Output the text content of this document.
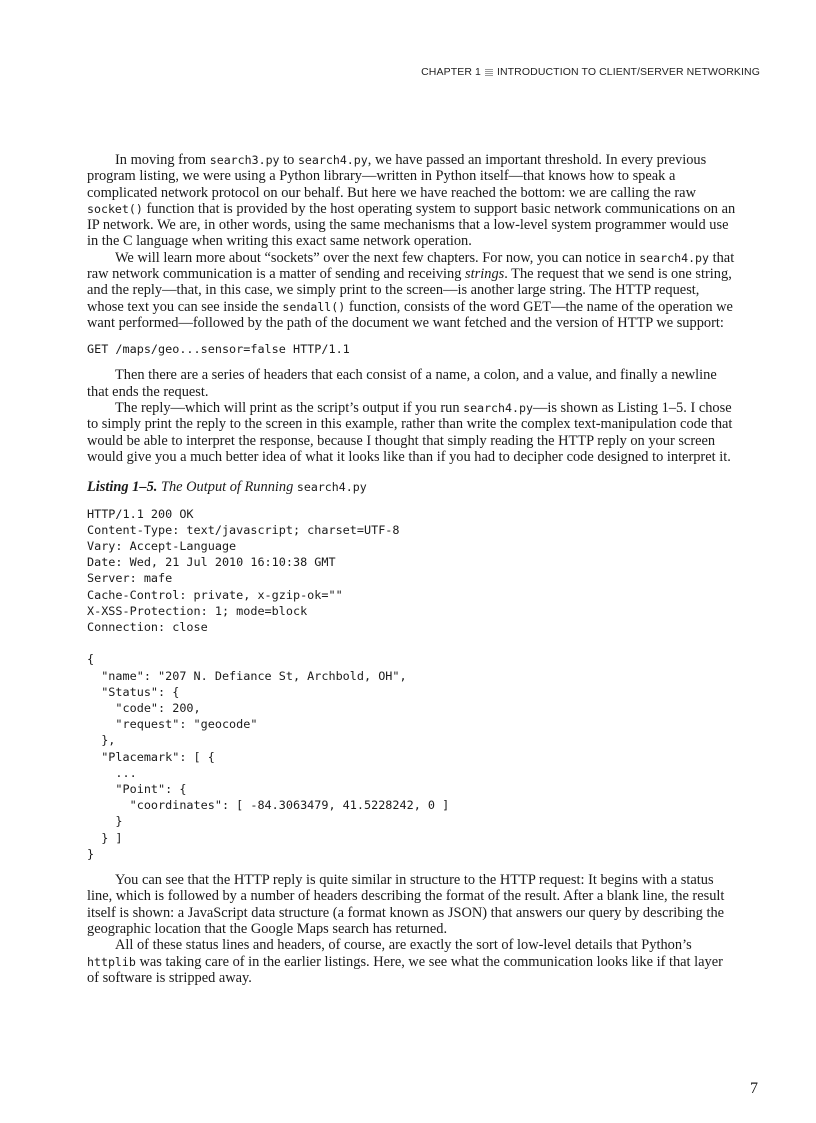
CHAPTER 1 INTRODUCTION TO CLIENT/SERVER NETWORKING

In moving from search3.py to search4.py, we have passed an important threshold. In every previous program listing, we were using a Python library—written in Python itself—that knows how to speak a complicated network protocol on our behalf. But here we have reached the bottom: we are calling the raw socket() function that is provided by the host operating system to support basic network communications on an IP network. We are, in other words, using the same mechanisms that a low-level system programmer would use in the C language when writing this exact same network operation.

We will learn more about “sockets” over the next few chapters. For now, you can notice in search4.py that raw network communication is a matter of sending and receiving strings. The request that we send is one string, and the reply—that, in this case, we simply print to the screen—is another large string. The HTTP request, whose text you can see inside the sendall() function, consists of the word GET—the name of the operation we want performed—followed by the path of the document we want fetched and the version of HTTP we support:

GET /maps/geo...sensor=false HTTP/1.1

Then there are a series of headers that each consist of a name, a colon, and a value, and finally a newline that ends the request.

The reply—which will print as the script’s output if you run search4.py—is shown as Listing 1–5. I chose to simply print the reply to the screen in this example, rather than write the complex text-manipulation code that would be able to interpret the response, because I thought that simply reading the HTTP reply on your screen would give you a much better idea of what it looks like than if you had to decipher code designed to interpret it.

Listing 1–5. The Output of Running search4.py
HTTP/1.1 200 OK
Content-Type: text/javascript; charset=UTF-8
Vary: Accept-Language
Date: Wed, 21 Jul 2010 16:10:38 GMT
Server: mafe
Cache-Control: private, x-gzip-ok=""
X-XSS-Protection: 1; mode=block
Connection: close

{
"name": "207 N. Defiance St, Archbold, OH",
"Status": {
"code": 200,
"request": "geocode"
},
"Placemark": [ {
...
"Point": {
"coordinates": [ -84.3063479, 41.5228242, 0 ]
}
} ]
}

You can see that the HTTP reply is quite similar in structure to the HTTP request: It begins with a status line, which is followed by a number of headers describing the format of the result. After a blank line, the result itself is shown: a JavaScript data structure (a format known as JSON) that answers our query by describing the geographic location that the Google Maps search has returned.

All of these status lines and headers, of course, are exactly the sort of low-level details that Python’s httplib was taking care of in the earlier listings. Here, we see what the communication looks like if that layer of software is stripped away.

7
